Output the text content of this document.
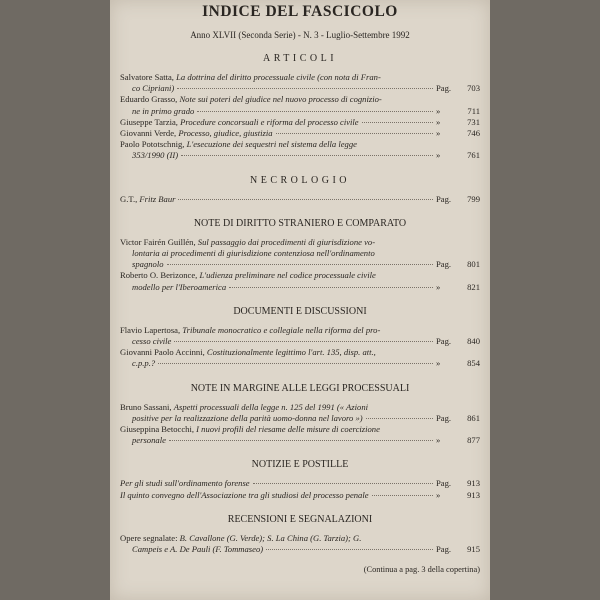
INDICE DEL FASCICOLO
Anno XLVII (Seconda Serie) - N. 3 - Luglio-Settembre 1992
ARTICOLI
Salvatore Satta, La dottrina del diritto processuale civile (con nota di Fran-
co Cipriani)	Pag. 703
Eduardo Grasso, Note sui poteri del giudice nel nuovo processo di cognizio-
ne in primo grado	»	711
Giuseppe Tarzia, Procedure concorsuali e riforma del processo civile	»	731
Giovanni Verde, Processo, giudice, giustizia	»	746
Paolo Pototschnig, L'esecuzione dei sequestri nel sistema della legge
353/1990 (II)	»	761
NECROLOGIO
G.T., Fritz Baur	Pag. 799
NOTE DI DIRITTO STRANIERO E COMPARATO
Victor Fairén Guillén, Sul passaggio dai procedimenti di giurisdizione vo-
lontaria ai procedimenti di giurisdizione contenziosa nell'ordinamento
spagnolo	Pag. 801
Roberto O. Berizonce, L'udienza preliminare nel codice processuale civile
modello per l'Iberoamerica	»	821
DOCUMENTI E DISCUSSIONI
Flavio Lapertosa, Tribunale monocratico e collegiale nella riforma del pro-
cesso civile	Pag. 840
Giovanni Paolo Accinni, Costituzionalmente legittimo l'art. 135, disp. att.,
c.p.p.?	»	854
NOTE IN MARGINE ALLE LEGGI PROCESSUALI
Bruno Sassani, Aspetti processuali della legge n. 125 del 1991 (« Azioni
positive per la realizzazione della parità uomo-donna nel lavoro »)	Pag. 861
Giuseppina Betocchi, I nuovi profili del riesame delle misure di coercizione
personale	»	877
NOTIZIE E POSTILLE
Per gli studi sull'ordinamento forense	Pag. 913
Il quinto convegno dell'Associazione tra gli studiosi del processo penale	»	913
RECENSIONI E SEGNALAZIONI
Opere segnalate: B. Cavallone (G. Verde); S. La China (G. Tarzia); G.
Campeis e A. De Pauli (F. Tommaseo)	Pag. 915
(Continua a pag. 3 della copertina)
